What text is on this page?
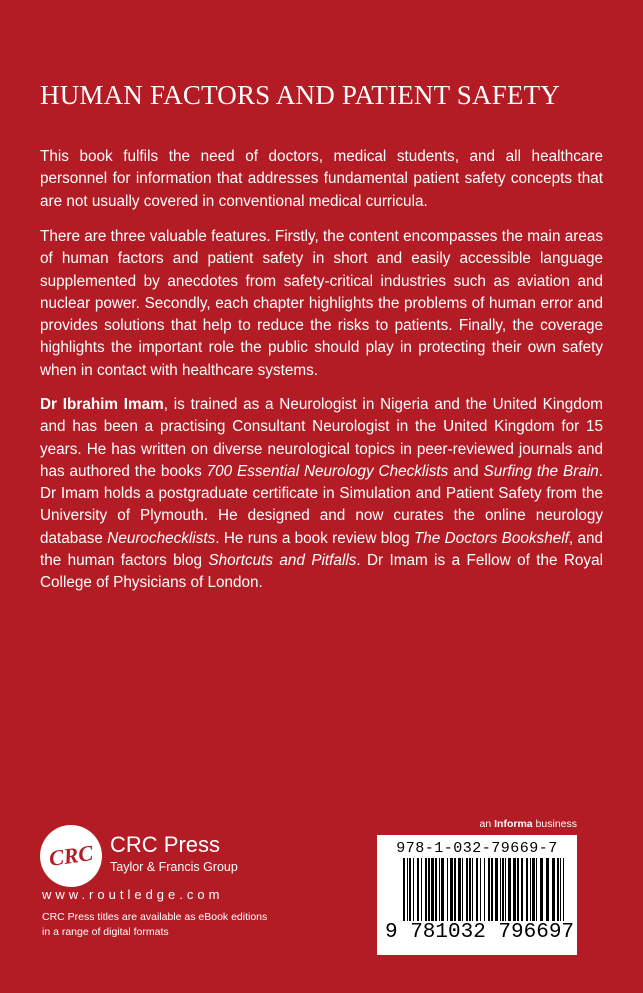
HUMAN FACTORS AND PATIENT SAFETY

This book fulfils the need of doctors, medical students, and all healthcare personnel for information that addresses fundamental patient safety concepts that are not usually covered in conventional medical curricula.

There are three valuable features. Firstly, the content encompasses the main areas of human factors and patient safety in short and easily accessible language supplemented by anecdotes from safety-critical industries such as aviation and nuclear power. Secondly, each chapter highlights the problems of human error and provides solutions that help to reduce the risks to patients. Finally, the coverage highlights the important role the public should play in protecting their own safety when in contact with healthcare systems.

Dr Ibrahim Imam, is trained as a Neurologist in Nigeria and the United Kingdom and has been a practising Consultant Neurologist in the United Kingdom for 15 years. He has written on diverse neurological topics in peer-reviewed journals and has authored the books 700 Essential Neurology Checklists and Surfing the Brain. Dr Imam holds a postgraduate certificate in Simulation and Patient Safety from the University of Plymouth. He designed and now curates the online neurology database Neurochecklists. He runs a book review blog The Doctors Bookshelf, and the human factors blog Shortcuts and Pitfalls. Dr Imam is a Fellow of the Royal College of Physicians of London.

CRC CRC Press
Taylor & Francis Group
www.routledge.com
CRC Press titles are available as eBook editions
in a range of digital formats
an Informa business
978-1-032-79669-7
9 781032 796697
